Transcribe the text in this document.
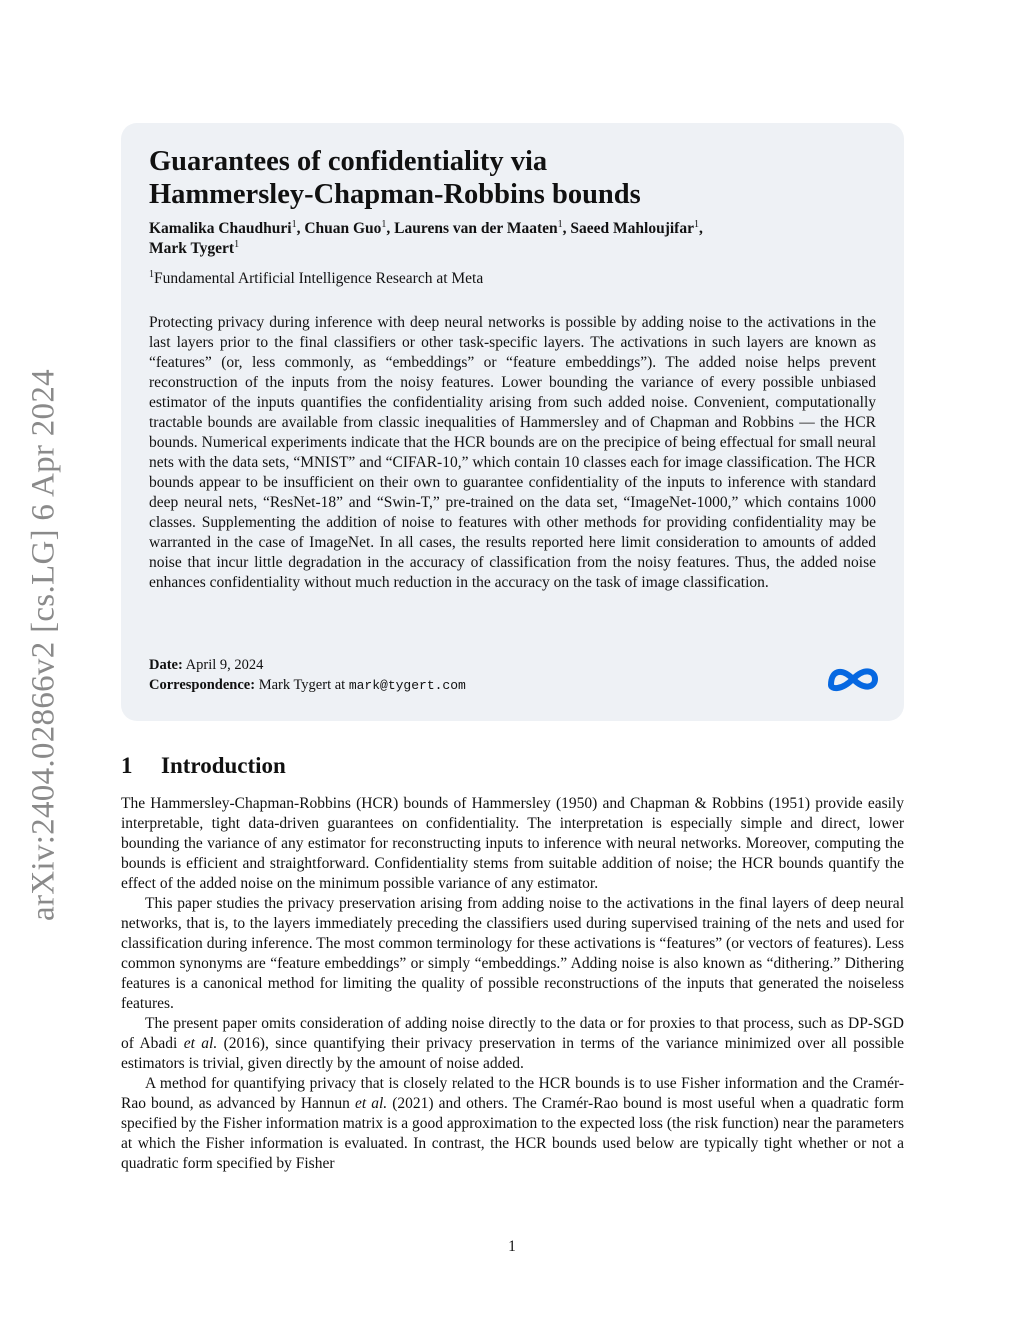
arXiv:2404.02866v2 [cs.LG] 6 Apr 2024
Guarantees of confidentiality via
Hammersley-Chapman-Robbins bounds
Kamalika Chaudhuri$^1$, Chuan Guo$^1$, Laurens van der Maaten$^1$, Saeed Mahloujifar$^1$,
Mark Tygert$^1$
$^1$Fundamental Artificial Intelligence Research at Meta
Protecting privacy during inference with deep neural networks is possible by adding noise to the activations in the last layers prior to the final classifiers or other task-specific layers. The activations in such layers are known as “features” (or, less commonly, as “embeddings” or “feature embeddings”). The added noise helps prevent reconstruction of the inputs from the noisy features. Lower bounding the variance of every possible unbiased estimator of the inputs quantifies the confidentiality arising from such added noise. Convenient, computationally tractable bounds are available from classic inequalities of Hammersley and of Chapman and Robbins — the HCR bounds. Numerical experiments indicate that the HCR bounds are on the precipice of being effectual for small neural nets with the data sets, “MNIST” and “CIFAR-10,” which contain 10 classes each for image classification. The HCR bounds appear to be insufficient on their own to guarantee confidentiality of the inputs to inference with standard deep neural nets, “ResNet-18” and “Swin-T,” pre-trained on the data set, “ImageNet-1000,” which contains 1000 classes. Supplementing the addition of noise to features with other methods for providing confidentiality may be warranted in the case of ImageNet. In all cases, the results reported here limit consideration to amounts of added noise that incur little degradation in the accuracy of classification from the noisy features. Thus, the added noise enhances confidentiality without much reduction in the accuracy on the task of image classification.
Date: April 9, 2024
Correspondence: Mark Tygert at mark@tygert.com
1 Introduction

The Hammersley-Chapman-Robbins (HCR) bounds of Hammersley (1950) and Chapman & Robbins (1951) provide easily interpretable, tight data-driven guarantees on confidentiality. The interpretation is especially simple and direct, lower bounding the variance of any estimator for reconstructing inputs to inference with neural networks. Moreover, computing the bounds is efficient and straightforward. Confidentiality stems from suitable addition of noise; the HCR bounds quantify the effect of the added noise on the minimum possible variance of any estimator.

This paper studies the privacy preservation arising from adding noise to the activations in the final layers of deep neural networks, that is, to the layers immediately preceding the classifiers used during supervised training of the nets and used for classification during inference. The most common terminology for these activations is “features” (or vectors of features). Less common synonyms are “feature embeddings” or simply “embeddings.” Adding noise is also known as “dithering.” Dithering features is a canonical method for limiting the quality of possible reconstructions of the inputs that generated the noiseless features.

The present paper omits consideration of adding noise directly to the data or for proxies to that process, such as DP-SGD of Abadi et al. (2016), since quantifying their privacy preservation in terms of the variance minimized over all possible estimators is trivial, given directly by the amount of noise added.

A method for quantifying privacy that is closely related to the HCR bounds is to use Fisher information and the Cramér-Rao bound, as advanced by Hannun et al. (2021) and others. The Cramér-Rao bound is most useful when a quadratic form specified by the Fisher information matrix is a good approximation to the expected loss (the risk function) near the parameters at which the Fisher information is evaluated. In contrast, the HCR bounds used below are typically tight whether or not a quadratic form specified by Fisher

1
